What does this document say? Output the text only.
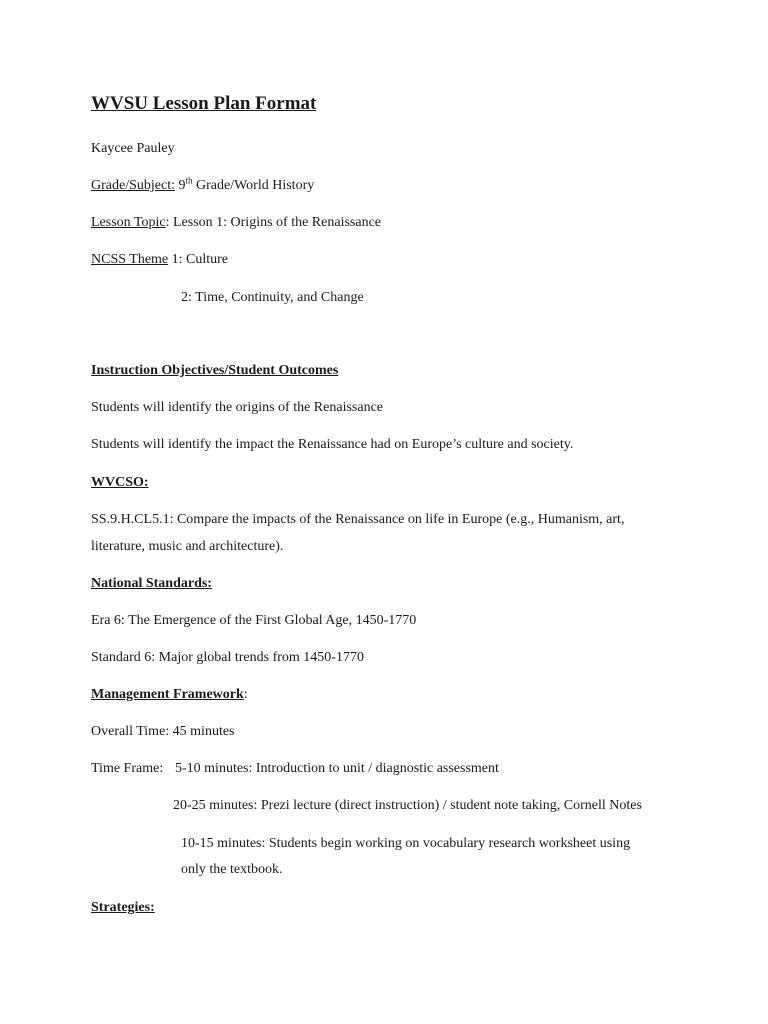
WVSU Lesson Plan Format
Kaycee Pauley
Grade/Subject: 9th Grade/World History
Lesson Topic: Lesson 1: Origins of the Renaissance
NCSS Theme 1: Culture
2: Time, Continuity, and Change
Instruction Objectives/Student Outcomes
Students will identify the origins of the Renaissance
Students will identify the impact the Renaissance had on Europe’s culture and society.
WVCSO:
SS.9.H.CL5.1: Compare the impacts of the Renaissance on life in Europe (e.g., Humanism, art,
literature, music and architecture).
National Standards:
Era 6: The Emergence of the First Global Age, 1450-1770
Standard 6: Major global trends from 1450-1770
Management Framework:
Overall Time: 45 minutes
Time Frame: 5-10 minutes: Introduction to unit / diagnostic assessment
20-25 minutes: Prezi lecture (direct instruction) / student note taking, Cornell Notes
10-15 minutes: Students begin working on vocabulary research worksheet using
only the textbook.
Strategies:
